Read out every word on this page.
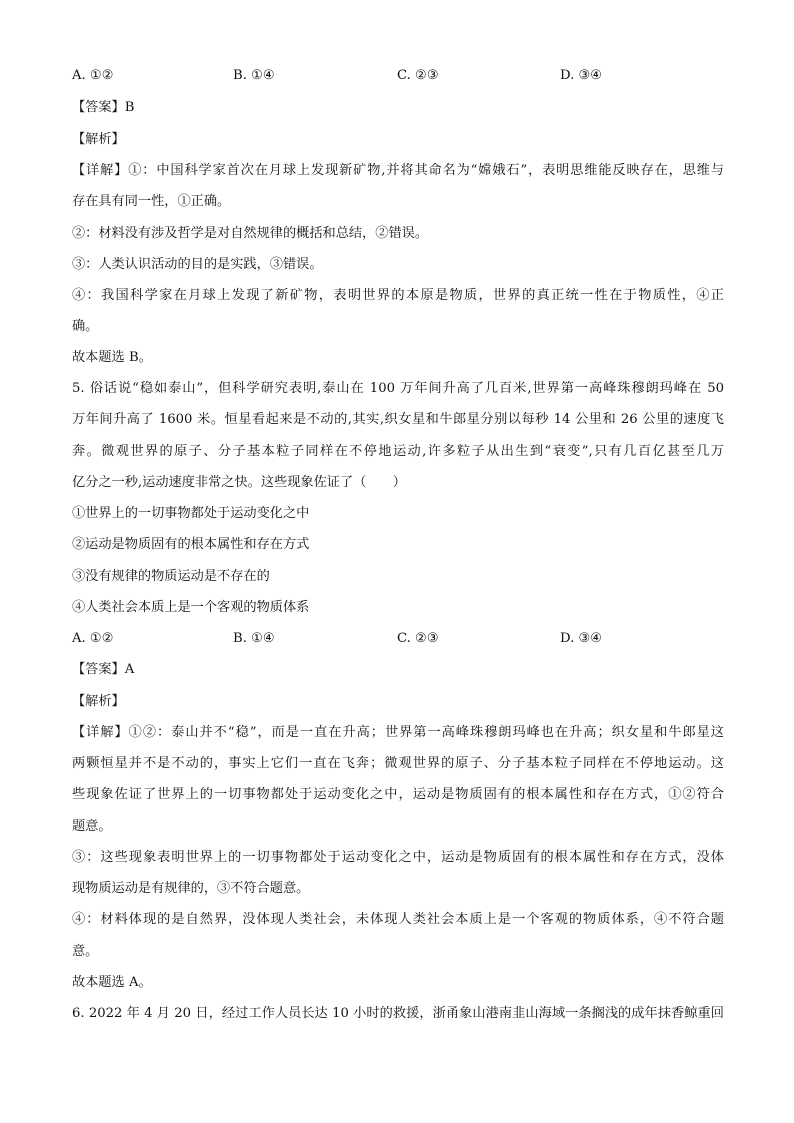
A. ①②	B. ①④	C. ②③	D. ③④
【答案】B
【解析】
【详解】①：中国科学家首次在月球上发现新矿物,并将其命名为“嫦娥石”，表明思维能反映存在，思维与
存在具有同一性，①正确。
②：材料没有涉及哲学是对自然规律的概括和总结，②错误。
③：人类认识活动的目的是实践，③错误。
④：我国科学家在月球上发现了新矿物，表明世界的本原是物质，世界的真正统一性在于物质性，④正
确。
故本题选 B。
5. 俗话说“稳如泰山”，但科学研究表明,泰山在 100 万年间升高了几百米,世界第一高峰珠穆朗玛峰在 50
万年间升高了 1600 米。恒星看起来是不动的,其实,织女星和牛郎星分别以每秒 14 公里和 26 公里的速度飞
奔。微观世界的原子、分子基本粒子同样在不停地运动,许多粒子从出生到“衰变”,只有几百亿甚至几万
亿分之一秒,运动速度非常之快。这些现象佐证了（　　）
①世界上的一切事物都处于运动变化之中
②运动是物质固有的根本属性和存在方式
③没有规律的物质运动是不存在的
④人类社会本质上是一个客观的物质体系
A. ①②	B. ①④	C. ②③	D. ③④
【答案】A
【解析】
【详解】①②：泰山并不“稳”，而是一直在升高；世界第一高峰珠穆朗玛峰也在升高；织女星和牛郎星这
两颗恒星并不是不动的，事实上它们一直在飞奔；微观世界的原子、分子基本粒子同样在不停地运动。这
些现象佐证了世界上的一切事物都处于运动变化之中，运动是物质固有的根本属性和存在方式，①②符合
题意。
③：这些现象表明世界上的一切事物都处于运动变化之中，运动是物质固有的根本属性和存在方式，没体
现物质运动是有规律的，③不符合题意。
④：材料体现的是自然界，没体现人类社会，未体现人类社会本质上是一个客观的物质体系，④不符合题
意。
故本题选 A。
6. 2022 年 4 月 20 日，经过工作人员长达 10 小时的救援，浙甬象山港南韭山海域一条搁浅的成年抹香鲸重回
